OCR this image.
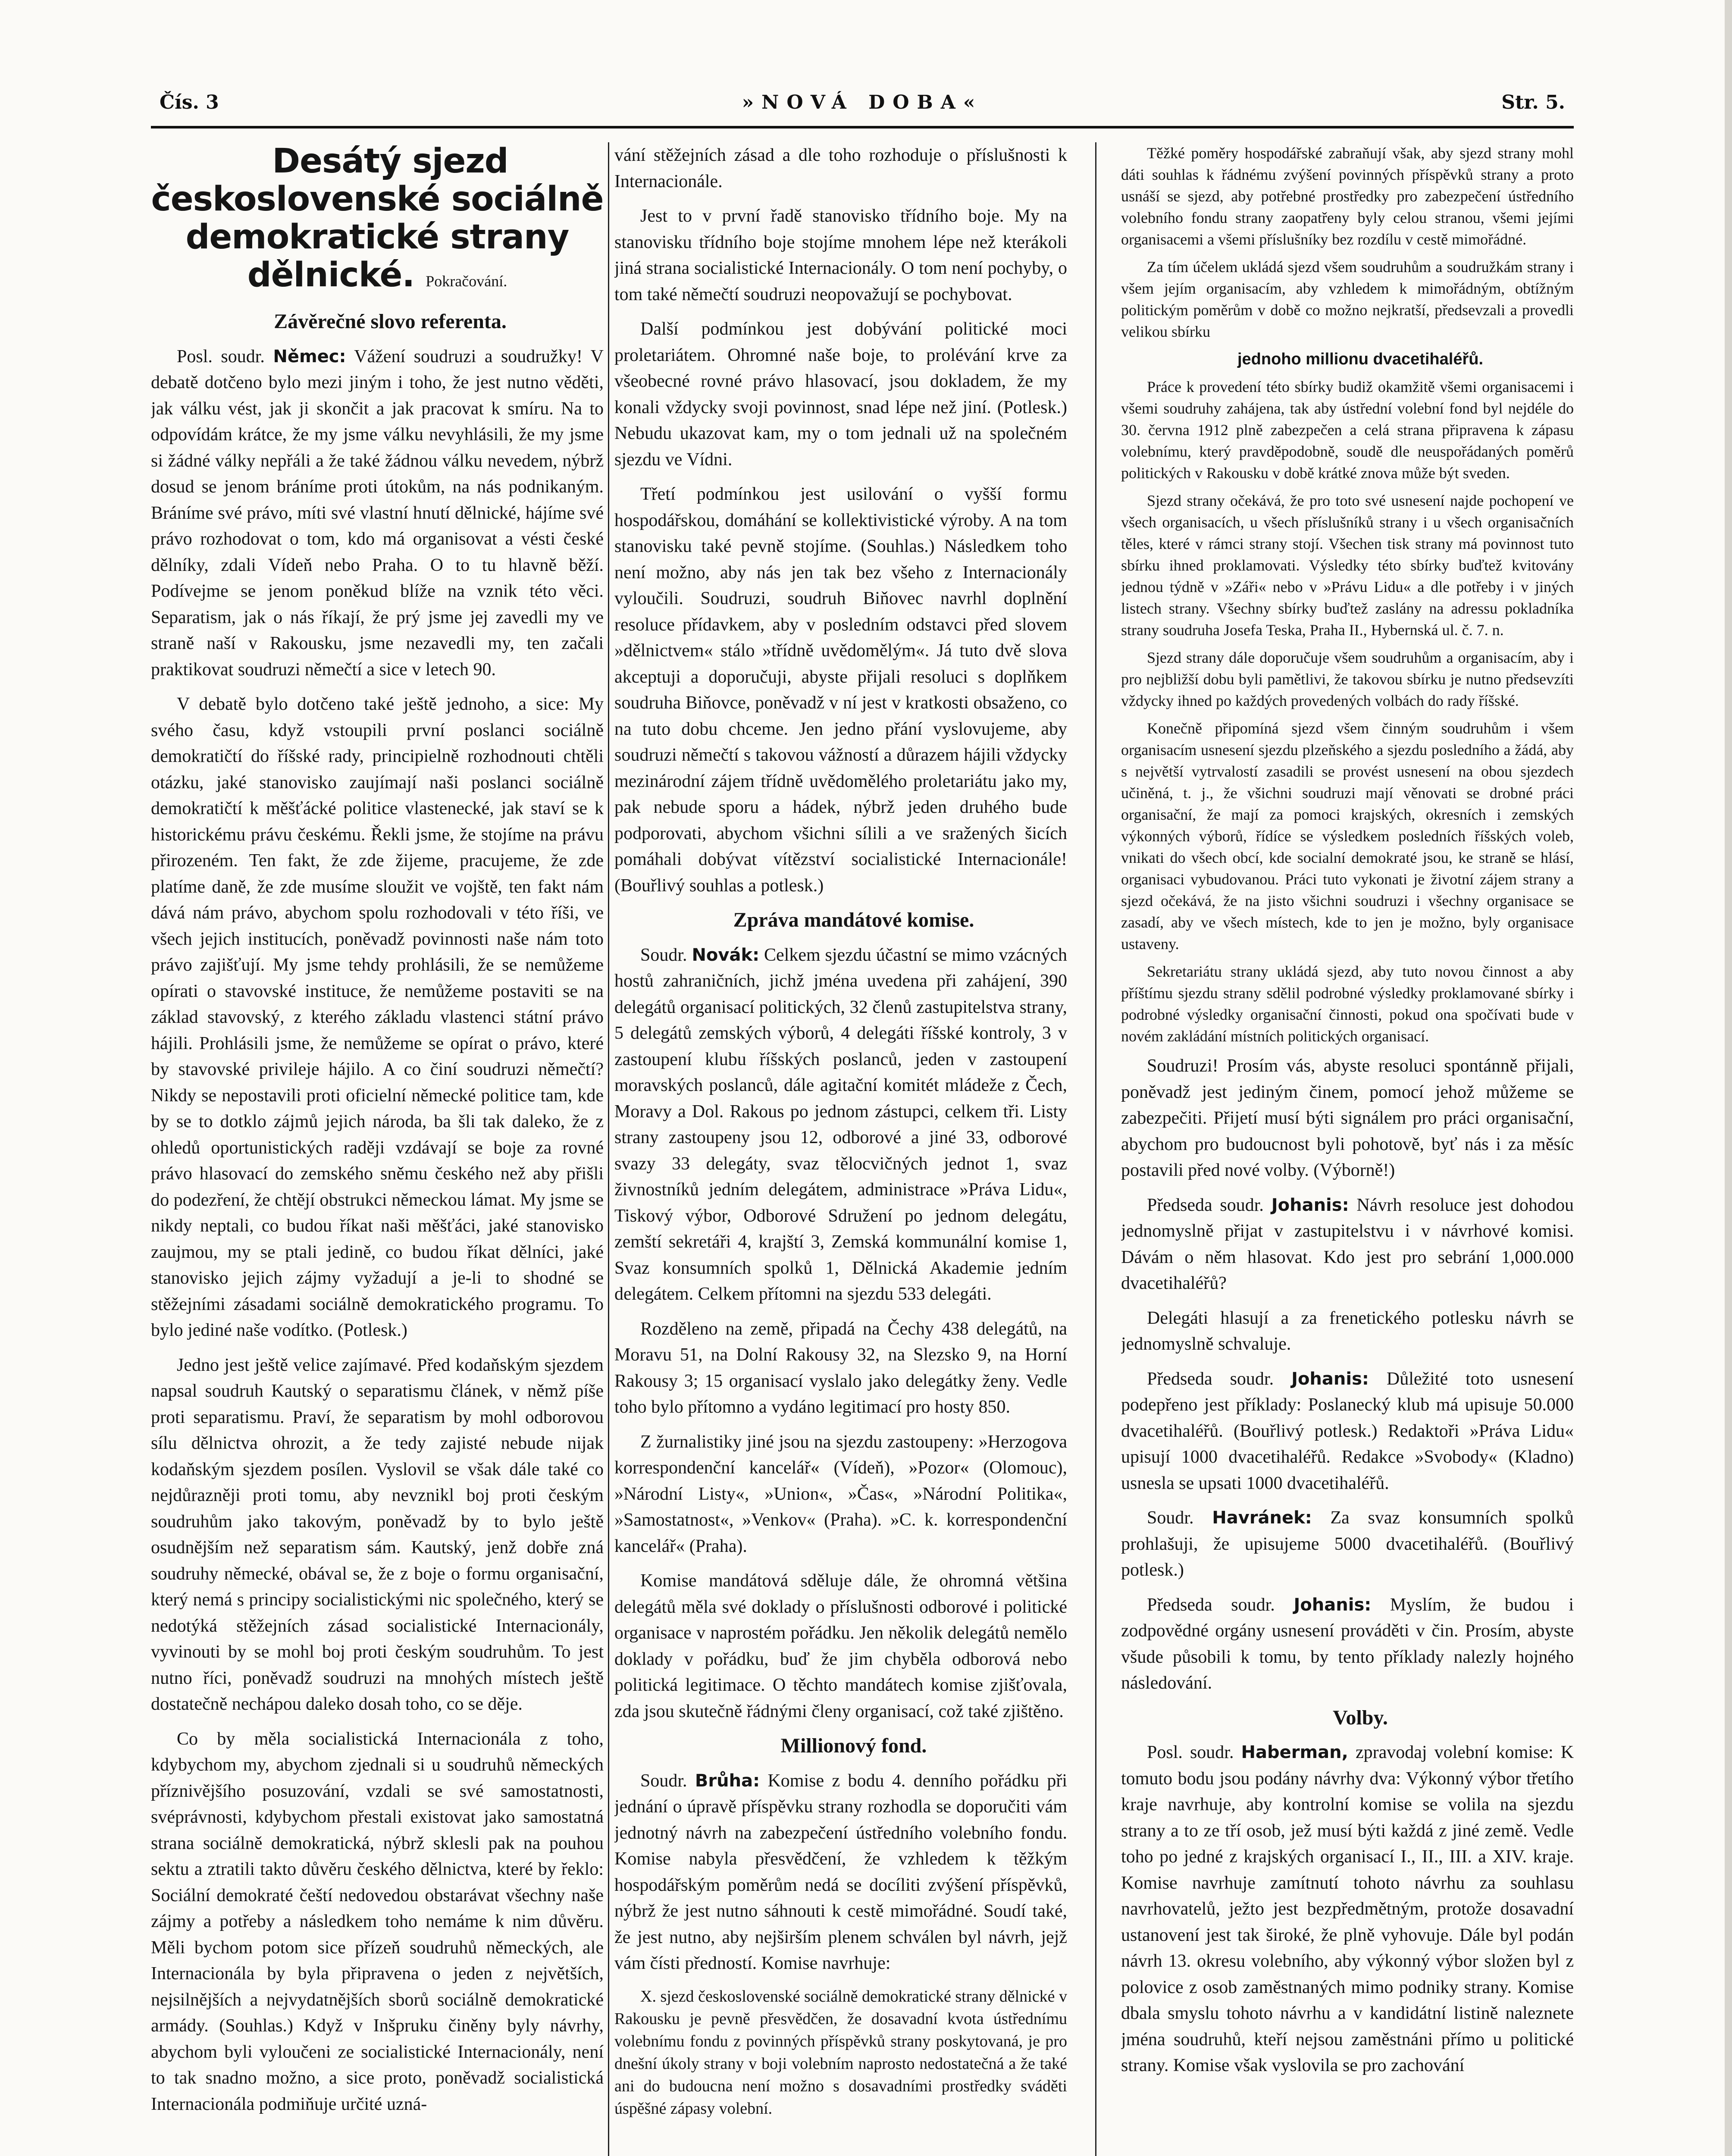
Čís. 3	»NOVÁ DOBA«	Str. 5.

Desátý sjezd československé sociálně demokratické strany dělnické. Pokračování.

Závěrečné slovo referenta.

Posl. soudr. Němec: Vážení soudruzi a soudružky! V debatě dotčeno bylo mezi jiným i toho, že jest nutno věděti, jak válku vést, jak ji skončit a jak pracovat k smíru. Na to odpovídám krátce, že my jsme válku nevyhlásili, že my jsme si žádné války nepřáli a že také žádnou válku nevedem, nýbrž dosud se jenom bráníme proti útokům, na nás podnikaným. Bráníme své právo, míti své vlastní hnutí dělnické, hájíme své právo rozhodovat o tom, kdo má organisovat a vésti české dělníky, zdali Vídeň nebo Praha. O to tu hlavně běží. Podívejme se jenom poněkud blíže na vznik této věci. Separatism, jak o nás říkají, že prý jsme jej zavedli my ve straně naší v Rakousku, jsme nezavedli my, ten začali praktikovat soudruzi němečtí a sice v letech 90.

V debatě bylo dotčeno také ještě jednoho, a sice: My svého času, když vstoupili první poslanci sociálně demokratičtí do říšské rady, principielně rozhodnouti chtěli otázku, jaké stanovisko zaujímají naši poslanci sociálně demokratičtí k měšťácké politice vlastenecké, jak staví se k historickému právu českému. Řekli jsme, že stojíme na právu přirozeném. Ten fakt, že zde žijeme, pracujeme, že zde platíme daně, že zde musíme sloužit ve vojště, ten fakt nám dává nám právo, abychom spolu rozhodovali v této říši, ve všech jejich institucích, poněvadž povinnosti naše nám toto právo zajišťují. My jsme tehdy prohlásili, že se nemůžeme opírati o stavovské instituce, že nemůžeme postaviti se na základ stavovský, z kterého základu vlastenci státní právo hájili. Prohlásili jsme, že nemůžeme se opírat o právo, které by stavovské privileje hájilo. A co činí soudruzi němečtí? Nikdy se nepostavili proti oficielní německé politice tam, kde by se to dotklo zájmů jejich národa, ba šli tak daleko, že z ohledů oportunistických raději vzdávají se boje za rovné právo hlasovací do zemského sněmu českého než aby přišli do podezření, že chtějí obstrukci německou lámat. My jsme se nikdy neptali, co budou říkat naši měšťáci, jaké stanovisko zaujmou, my se ptali jedině, co budou říkat dělníci, jaké stanovisko jejich zájmy vyžadují a je-li to shodné se stěžejními zásadami sociálně demokratického programu. To bylo jediné naše vodítko. (Potlesk.)

Jedno jest ještě velice zajímavé. Před kodaňským sjezdem napsal soudruh Kautský o separatismu článek, v němž píše proti separatismu. Praví, že separatism by mohl odborovou sílu dělnictva ohrozit, a že tedy zajisté nebude nijak kodaňským sjezdem posílen. Vyslovil se však dále také co nejdůrazněji proti tomu, aby nevznikl boj proti českým soudruhům jako takovým, poněvadž by to bylo ještě osudnějším než separatism sám. Kautský, jenž dobře zná soudruhy německé, obával se, že z boje o formu organisační, který nemá s principy socialistickými nic společného, který se nedotýká stěžejních zásad socialistické Internacionály, vyvinouti by se mohl boj proti českým soudruhům. To jest nutno říci, poněvadž soudruzi na mnohých místech ještě dostatečně nechápou daleko dosah toho, co se děje.

Co by měla socialistická Internacionála z toho, kdybychom my, abychom zjednali si u soudruhů německých příznivějšího posuzování, vzdali se své samostatnosti, svéprávnosti, kdybychom přestali existovat jako samostatná strana sociálně demokratická, nýbrž sklesli pak na pouhou sektu a ztratili takto důvěru českého dělnictva, které by řeklo: Sociální demokraté čeští nedovedou obstarávat všechny naše zájmy a potřeby a následkem toho nemáme k nim důvěru. Měli bychom potom sice přízeň soudruhů německých, ale Internacionála by byla připravena o jeden z největších, nejsilnějších a nejvydatnějších sborů sociálně demokratické armády. (Souhlas.) Když v Inšpruku činěny byly návrhy, abychom byli vyloučeni ze socialistické Internacionály, není to tak snadno možno, a sice proto, poněvadž socialistická Internacionála podmiňuje určité uzná-

vání stěžejních zásad a dle toho rozhoduje o příslušnosti k Internacionále.

Jest to v první řadě stanovisko třídního boje. My na stanovisku třídního boje stojíme mnohem lépe než kterákoli jiná strana socialistické Internacionály. O tom není pochyby, o tom také němečtí soudruzi neopovažují se pochybovat.

Další podmínkou jest dobývání politické moci proletariátem. Ohromné naše boje, to prolévání krve za všeobecné rovné právo hlasovací, jsou dokladem, že my konali vždycky svoji povinnost, snad lépe než jiní. (Potlesk.) Nebudu ukazovat kam, my o tom jednali už na společném sjezdu ve Vídni.

Třetí podmínkou jest usilování o vyšší formu hospodářskou, domáhání se kollektivistické výroby. A na tom stanovisku také pevně stojíme. (Souhlas.) Následkem toho není možno, aby nás jen tak bez všeho z Internacionály vyloučili. Soudruzi, soudruh Biňovec navrhl doplnění resoluce přídavkem, aby v posledním odstavci před slovem »dělnictvem« stálo »třídně uvědomělým«. Já tuto dvě slova akceptuji a doporučuji, abyste přijali resoluci s doplňkem soudruha Biňovce, poněvadž v ní jest v kratkosti obsaženo, co na tuto dobu chceme. Jen jedno přání vyslovujeme, aby soudruzi němečtí s takovou vážností a důrazem hájili vždycky mezinárodní zájem třídně uvědomělého proletariátu jako my, pak nebude sporu a hádek, nýbrž jeden druhého bude podporovati, abychom všichni sílili a ve sražených šicích pomáhali dobývat vítězství socialistické Internacionále! (Bouřlivý souhlas a potlesk.)

Zpráva mandátové komise.

Soudr. Novák: Celkem sjezdu účastní se mimo vzácných hostů zahraničních, jichž jména uvedena při zahájení, 390 delegátů organisací politických, 32 členů zastupitelstva strany, 5 delegátů zemských výborů, 4 delegáti říšské kontroly, 3 v zastoupení klubu říšských poslanců, jeden v zastoupení moravských poslanců, dále agitační komitét mládeže z Čech, Moravy a Dol. Rakous po jednom zástupci, celkem tři. Listy strany zastoupeny jsou 12, odborové a jiné 33, odborové svazy 33 delegáty, svaz tělocvičných jednot 1, svaz živnostníků jedním delegátem, administrace »Práva Lidu«, Tiskový výbor, Odborové Sdružení po jednom delegátu, zemští sekretáři 4, krajští 3, Zemská kommunální komise 1, Svaz konsumních spolků 1, Dělnická Akademie jedním delegátem. Celkem přítomni na sjezdu 533 delegáti.

Rozděleno na země, připadá na Čechy 438 delegátů, na Moravu 51, na Dolní Rakousy 32, na Slezsko 9, na Horní Rakousy 3; 15 organisací vyslalo jako delegátky ženy. Vedle toho bylo přítomno a vydáno legitimací pro hosty 850.

Z žurnalistiky jiné jsou na sjezdu zastoupeny: »Herzogova korrespondenční kancelář« (Vídeň), »Pozor« (Olomouc), »Národní Listy«, »Union«, »Čas«, »Národní Politika«, »Samostatnost«, »Venkov« (Praha). »C. k. korrespondenční kancelář« (Praha).

Komise mandátová sděluje dále, že ohromná většina delegátů měla své doklady o příslušnosti odborové i politické organisace v naprostém pořádku. Jen několik delegátů nemělo doklady v pořádku, buď že jim chyběla odborová nebo politická legitimace. O těchto mandátech komise zjišťovala, zda jsou skutečně řádnými členy organisací, což také zjištěno.

Millionový fond.

Soudr. Brůha: Komise z bodu 4. denního pořádku při jednání o úpravě příspěvku strany rozhodla se doporučiti vám jednotný návrh na zabezpečení ústředního volebního fondu. Komise nabyla přesvědčení, že vzhledem k těžkým hospodářským poměrům nedá se docíliti zvýšení příspěvků, nýbrž že jest nutno sáhnouti k cestě mimořádné. Soudí také, že jest nutno, aby nejširším plenem schválen byl návrh, jejž vám čísti předností. Komise navrhuje:

X. sjezd československé sociálně demokratické strany dělnické v Rakousku je pevně přesvědčen, že dosavadní kvota ústřednímu volebnímu fondu z povinných příspěvků strany poskytovaná, je pro dnešní úkoly strany v boji volebním naprosto nedostatečná a že také ani do budoucna není možno s dosavadními prostředky sváděti úspěšné zápasy volební.

Těžké poměry hospodářské zabraňují však, aby sjezd strany mohl dáti souhlas k řádnému zvýšení povinných příspěvků strany a proto usnáší se sjezd, aby potřebné prostředky pro zabezpečení ústředního volebního fondu strany zaopatřeny byly celou stranou, všemi jejími organisacemi a všemi příslušníky bez rozdílu v cestě mimořádné.

Za tím účelem ukládá sjezd všem soudruhům a soudružkám strany i všem jejím organisacím, aby vzhledem k mimořádným, obtížným politickým poměrům v době co možno nejkratší, předsevzali a provedli velikou sbírku

jednoho millionu dvacetihaléřů.

Práce k provedení této sbírky budiž okamžitě všemi organisacemi i všemi soudruhy zahájena, tak aby ústřední volební fond byl nejdéle do 30. června 1912 plně zabezpečen a celá strana připravena k zápasu volebnímu, který pravděpodobně, soudě dle neuspořádaných poměrů politických v Rakousku v době krátké znova může být sveden.

Sjezd strany očekává, že pro toto své usnesení najde pochopení ve všech organisacích, u všech příslušníků strany i u všech organisačních těles, které v rámci strany stojí. Všechen tisk strany má povinnost tuto sbírku ihned proklamovati. Výsledky této sbírky buďtež kvitovány jednou týdně v »Záři« nebo v »Právu Lidu« a dle potřeby i v jiných listech strany. Všechny sbírky buďtež zaslány na adressu pokladníka strany soudruha Josefa Teska, Praha II., Hybernská ul. č. 7. n.

Sjezd strany dále doporučuje všem soudruhům a organisacím, aby i pro nejbližší dobu byli pamětlivi, že takovou sbírku je nutno předsevzíti vždycky ihned po každých provedených volbách do rady říšské.

Konečně připomíná sjezd všem činným soudruhům i všem organisacím usnesení sjezdu plzeňského a sjezdu posledního a žádá, aby s největší vytrvalostí zasadili se provést usnesení na obou sjezdech učiněná, t. j., že všichni soudruzi mají věnovati se drobné práci organisační, že mají za pomoci krajských, okresních i zemských výkonných výborů, řídíce se výsledkem posledních říšských voleb, vnikati do všech obcí, kde socialní demokraté jsou, ke straně se hlásí, organisaci vybudovanou. Práci tuto vykonati je životní zájem strany a sjezd očekává, že na jisto všichni soudruzi i všechny organisace se zasadí, aby ve všech místech, kde to jen je možno, byly organisace ustaveny.

Sekretariátu strany ukládá sjezd, aby tuto novou činnost a aby příštímu sjezdu strany sdělil podrobné výsledky proklamované sbírky i podrobné výsledky organisační činnosti, pokud ona spočívati bude v novém zakládání místních politických organisací.

Soudruzi! Prosím vás, abyste resoluci spontánně přijali, poněvadž jest jediným činem, pomocí jehož můžeme se zabezpečiti. Přijetí musí býti signálem pro práci organisační, abychom pro budoucnost byli pohotově, byť nás i za měsíc postavili před nové volby. (Výborně!)

Předseda soudr. Johanis: Návrh resoluce jest dohodou jednomyslně přijat v zastupitelstvu i v návrhové komisi. Dávám o něm hlasovat. Kdo jest pro sebrání 1,000.000 dvacetihaléřů?

Delegáti hlasují a za frenetického potlesku návrh se jednomyslně schvaluje.

Předseda soudr. Johanis: Důležité toto usnesení podepřeno jest příklady: Poslanecký klub má upisuje 50.000 dvacetihaléřů. (Bouřlivý potlesk.) Redaktoři »Práva Lidu« upisují 1000 dvacetihaléřů. Redakce »Svobody« (Kladno) usnesla se upsati 1000 dvacetihaléřů.

Soudr. Havránek: Za svaz konsumních spolků prohlašuji, že upisujeme 5000 dvacetihaléřů. (Bouřlivý potlesk.)

Předseda soudr. Johanis: Myslím, že budou i zodpovědné orgány usnesení prováděti v čin. Prosím, abyste všude působili k tomu, by tento příklady nalezly hojného následování.

Volby.

Posl. soudr. Haberman, zpravodaj volební komise: K tomuto bodu jsou podány návrhy dva: Výkonný výbor třetího kraje navrhuje, aby kontrolní komise se volila na sjezdu strany a to ze tří osob, jež musí býti každá z jiné země. Vedle toho po jedné z krajských organisací I., II., III. a XIV. kraje. Komise navrhuje zamítnutí tohoto návrhu za souhlasu navrhovatelů, ježto jest bezpředmětným, protože dosavadní ustanovení jest tak široké, že plně vyhovuje. Dále byl podán návrh 13. okresu volebního, aby výkonný výbor složen byl z polovice z osob zaměstnaných mimo podniky strany. Komise dbala smyslu tohoto návrhu a v kandidátní listině naleznete jména soudruhů, kteří nejsou zaměstnáni přímo u politické strany. Komise však vyslovila se pro zachování
